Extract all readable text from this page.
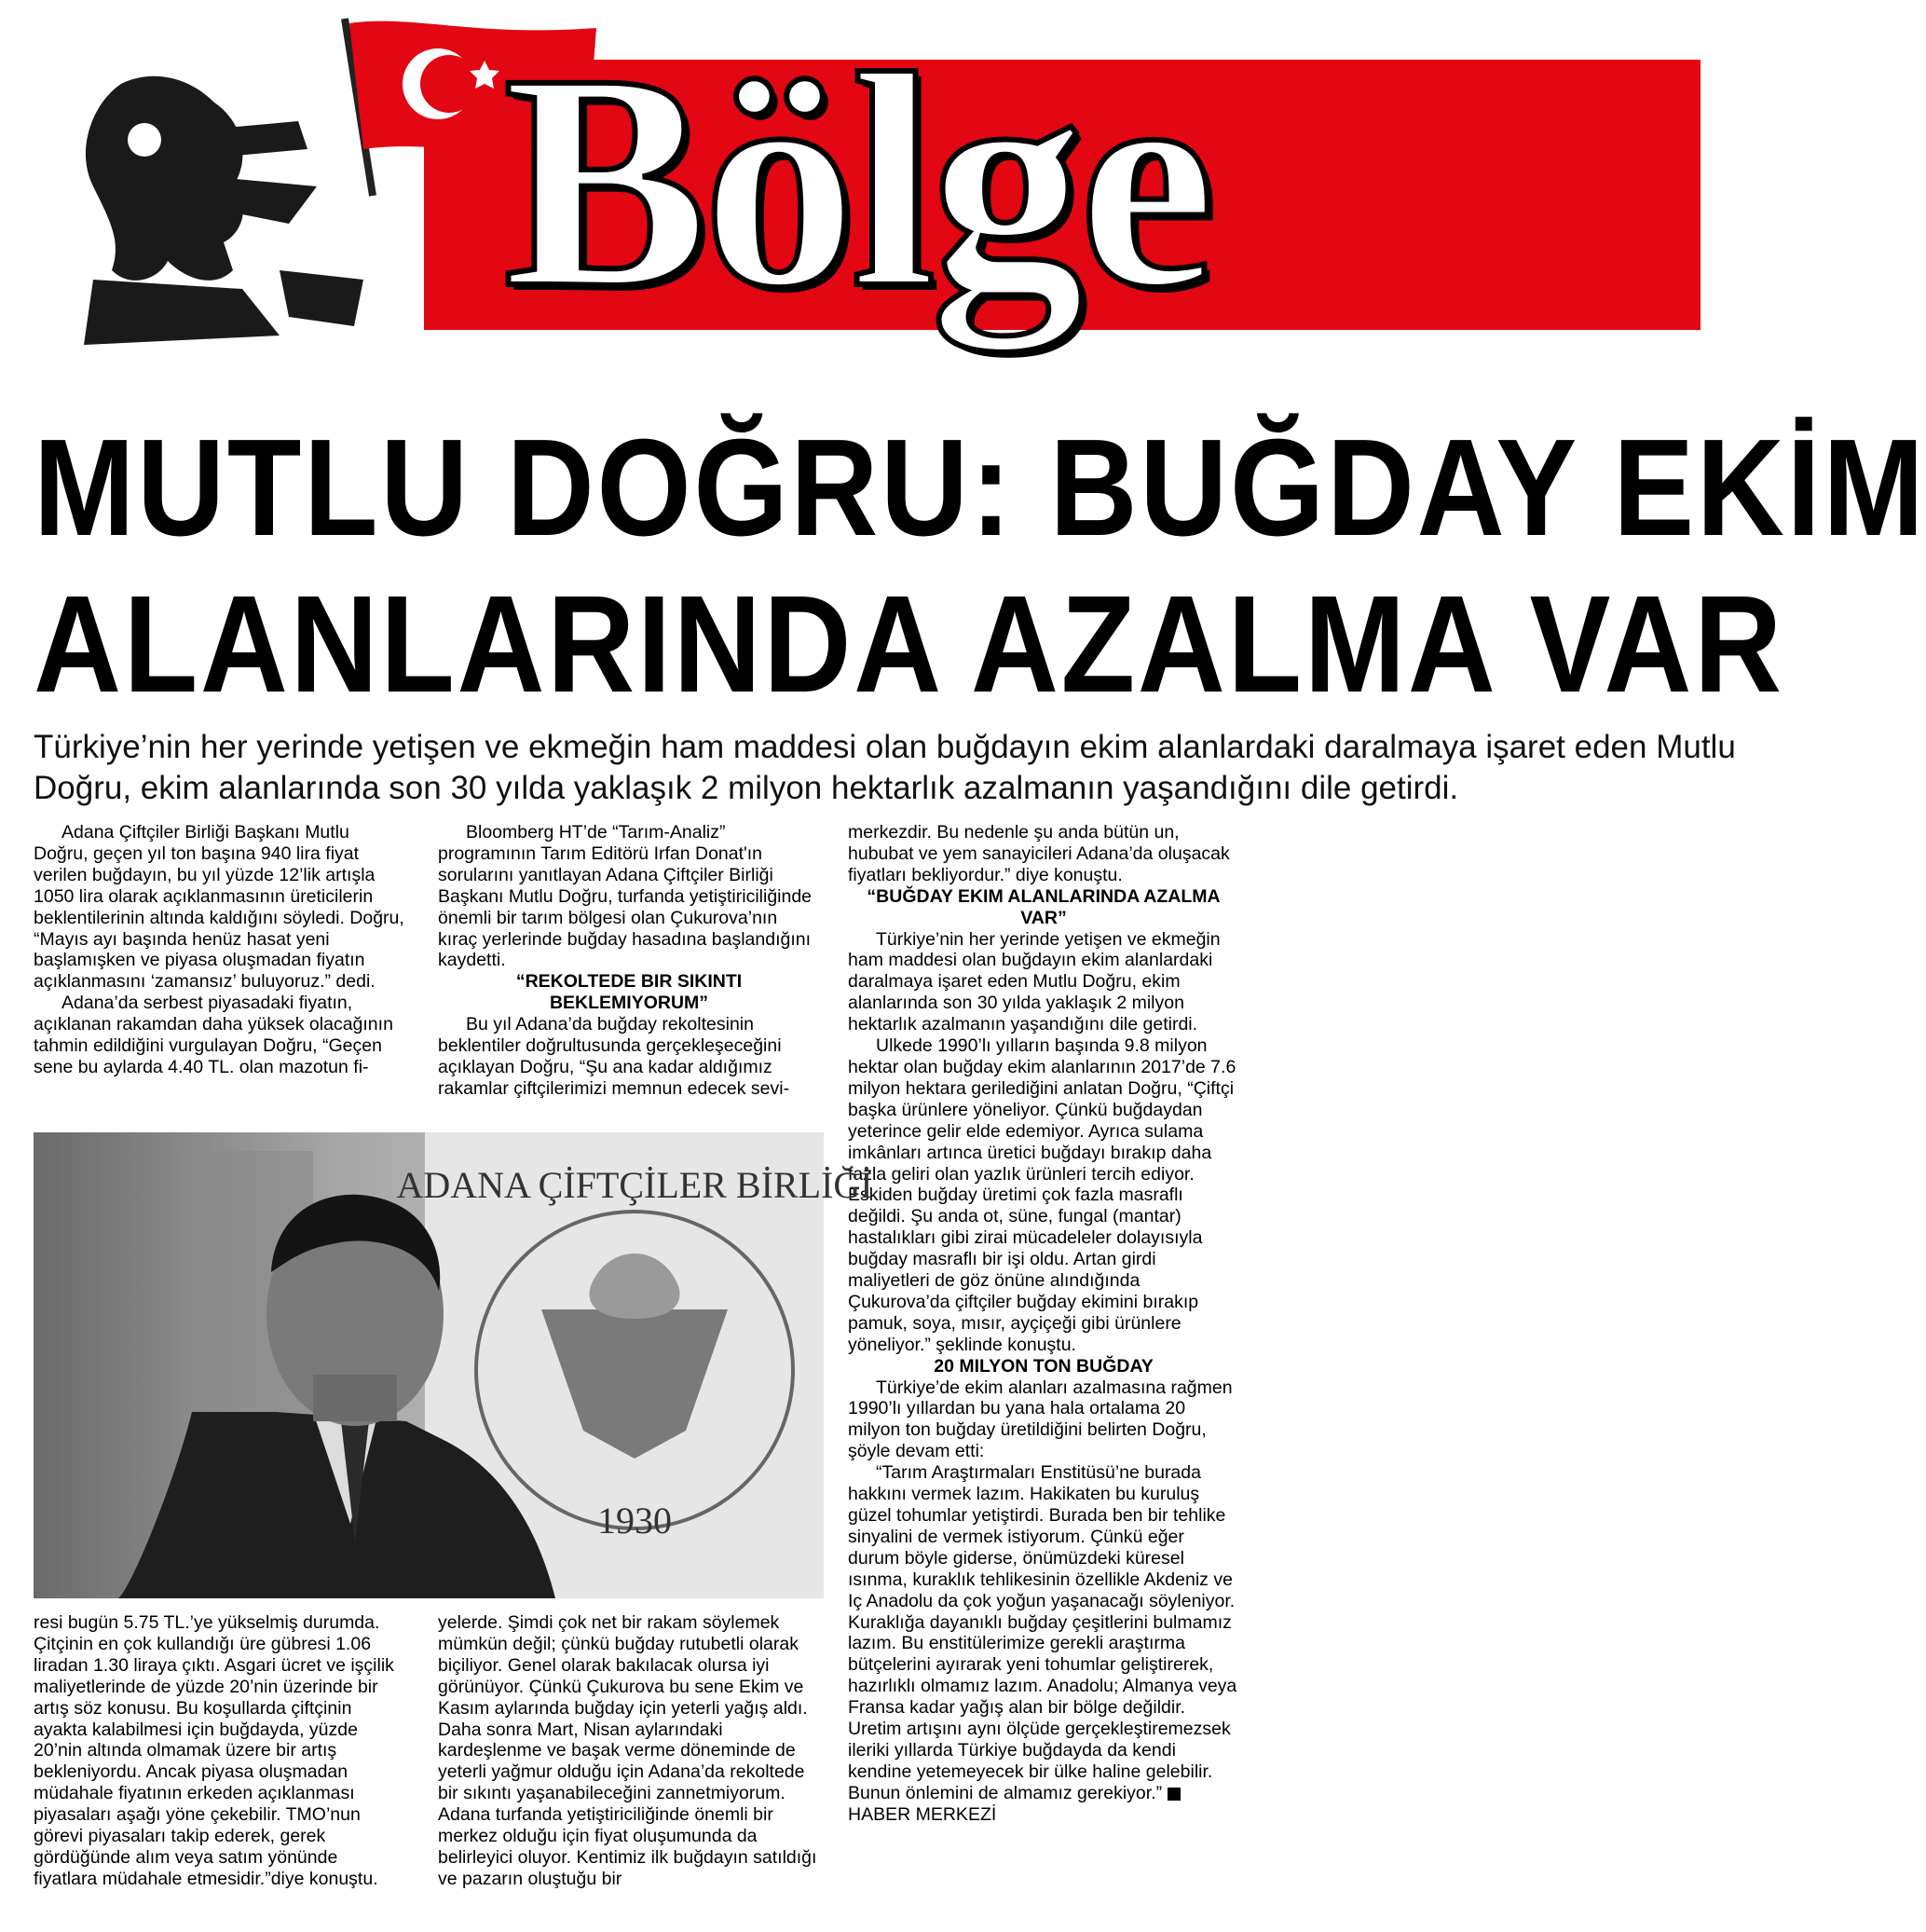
Bölge
MUTLU DOĞRU: BUĞDAY EKİM
ALANLARINDA AZALMA VAR
Türkiye’nin her yerinde yetişen ve ekmeğin ham maddesi olan buğdayın ekim alanlardaki daralmaya işaret eden Mutlu Doğru, ekim alanlarında son 30 yılda yaklaşık 2 milyon hektarlık azalmanın yaşandığını dile getirdi.

Adana Çiftçiler Birliği Başkanı Mutlu Doğru, geçen yıl ton başına 940 lira fiyat verilen buğdayın, bu yıl yüzde 12’lik artışla 1050 lira olarak açıklanmasının üreticilerin beklentilerinin altında kaldığını söyledi. Doğru, “Mayıs ayı başında henüz hasat yeni başlamışken ve piyasa oluşmadan fiyatın açıklanmasını ‘zamansız’ buluyoruz.” dedi.

Adana’da serbest piyasadaki fiyatın, açıklanan rakamdan daha yüksek olacağının tahmin edildiğini vurgulayan Doğru, “Geçen sene bu aylarda 4.40 TL. olan mazotun fi-

Bloomberg HT’de “Tarım-Analiz” programının Tarım Editörü Irfan Donat'ın sorularını yanıtlayan Adana Çiftçiler Birliği Başkanı Mutlu Doğru, turfanda yetiştiriciliğinde önemli bir tarım bölgesi olan Çukurova’nın kıraç yerlerinde buğday hasadına başlandığını kaydetti.

“REKOLTEDE BIR SIKINTI BEKLEMIYORUM”

Bu yıl Adana’da buğday rekoltesinin beklentiler doğrultusunda gerçekleşeceğini açıklayan Doğru, “Şu ana kadar aldığımız rakamlar çiftçilerimizi memnun edecek sevi-

merkezdir. Bu nedenle şu anda bütün un, hububat ve yem sanayicileri Adana’da oluşacak fiyatları bekliyordur.” diye konuştu.

“BUĞDAY EKIM ALANLARINDA AZALMA VAR”

Türkiye’nin her yerinde yetişen ve ekmeğin ham maddesi olan buğdayın ekim alanlardaki daralmaya işaret eden Mutlu Doğru, ekim alanlarında son 30 yılda yaklaşık 2 milyon hektarlık azalmanın yaşandığını dile getirdi.

Ulkede 1990’lı yılların başında 9.8 milyon hektar olan buğday ekim alanlarının 2017’de 7.6 milyon hektara gerilediğini anlatan Doğru, “Çiftçi başka ürünlere yöneliyor. Çünkü buğdaydan yeterince gelir elde edemiyor. Ayrıca sulama imkânları artınca üretici buğdayı bırakıp daha fazla geliri olan yazlık ürünleri tercih ediyor. Eskiden buğday üretimi çok fazla masraflı değildi. Şu anda ot, süne, fungal (mantar) hastalıkları gibi zirai mücadeleler dolayısıyla buğday masraflı bir işi oldu. Artan girdi maliyetleri de göz önüne alındığında Çukurova’da çiftçiler buğday ekimini bırakıp pamuk, soya, mısır, ayçiçeği gibi ürünlere yöneliyor.” şeklinde konuştu.

20 MILYON TON BUĞDAY

Türkiye’de ekim alanları azalmasına rağmen 1990’lı yıllardan bu yana hala ortalama 20 milyon ton buğday üretildiğini belirten Doğru, şöyle devam etti:

“Tarım Araştırmaları Enstitüsü’ne burada hakkını vermek lazım. Hakikaten bu kuruluş güzel tohumlar yetiştirdi. Burada ben bir tehlike sinyalini de vermek istiyorum. Çünkü eğer durum böyle giderse, önümüzdeki küresel ısınma, kuraklık tehlikesinin özellikle Akdeniz ve Iç Anadolu da çok yoğun yaşanacağı söyleniyor. Kuraklığa dayanıklı buğday çeşitlerini bulmamız lazım. Bu enstitülerimize gerekli araştırma bütçelerini ayırarak yeni tohumlar geliştirerek, hazırlıklı olmamız lazım. Anadolu; Almanya veya Fransa kadar yağış alan bir bölge değildir. Uretim artışını aynı ölçüde gerçekleştiremezsek ileriki yıllarda Türkiye buğdayda da kendi kendine yetemeyecek bir ülke haline gelebilir. Bunun önlemini de almamız gerekiyor.” HABER MERKEZİ

1930
ADANA ÇİFTÇİLER BİRLİĞİ

resi bugün 5.75 TL.’ye yükselmiş durumda. Çitçinin en çok kullandığı üre gübresi 1.06 liradan 1.30 liraya çıktı. Asgari ücret ve işçilik maliyetlerinde de yüzde 20’nin üzerinde bir artış söz konusu. Bu koşullarda çiftçinin ayakta kalabilmesi için buğdayda, yüzde 20’nin altında olmamak üzere bir artış bekleniyordu. Ancak piyasa oluşmadan müdahale fiyatının erkeden açıklanması piyasaları aşağı yöne çekebilir. TMO’nun görevi piyasaları takip ederek, gerek gördüğünde alım veya satım yönünde fiyatlara müdahale etmesidir.”diye konuştu.

yelerde. Şimdi çok net bir rakam söylemek mümkün değil; çünkü buğday rutubetli olarak biçiliyor. Genel olarak bakılacak olursa iyi görünüyor. Çünkü Çukurova bu sene Ekim ve Kasım aylarında buğday için yeterli yağış aldı. Daha sonra Mart, Nisan aylarındaki kardeşlenme ve başak verme döneminde de yeterli yağmur olduğu için Adana’da rekoltede bir sıkıntı yaşanabileceğini zannetmiyorum. Adana turfanda yetiştiriciliğinde önemli bir merkez olduğu için fiyat oluşumunda da belirleyici oluyor. Kentimiz ilk buğdayın satıldığı ve pazarın oluştuğu bir
